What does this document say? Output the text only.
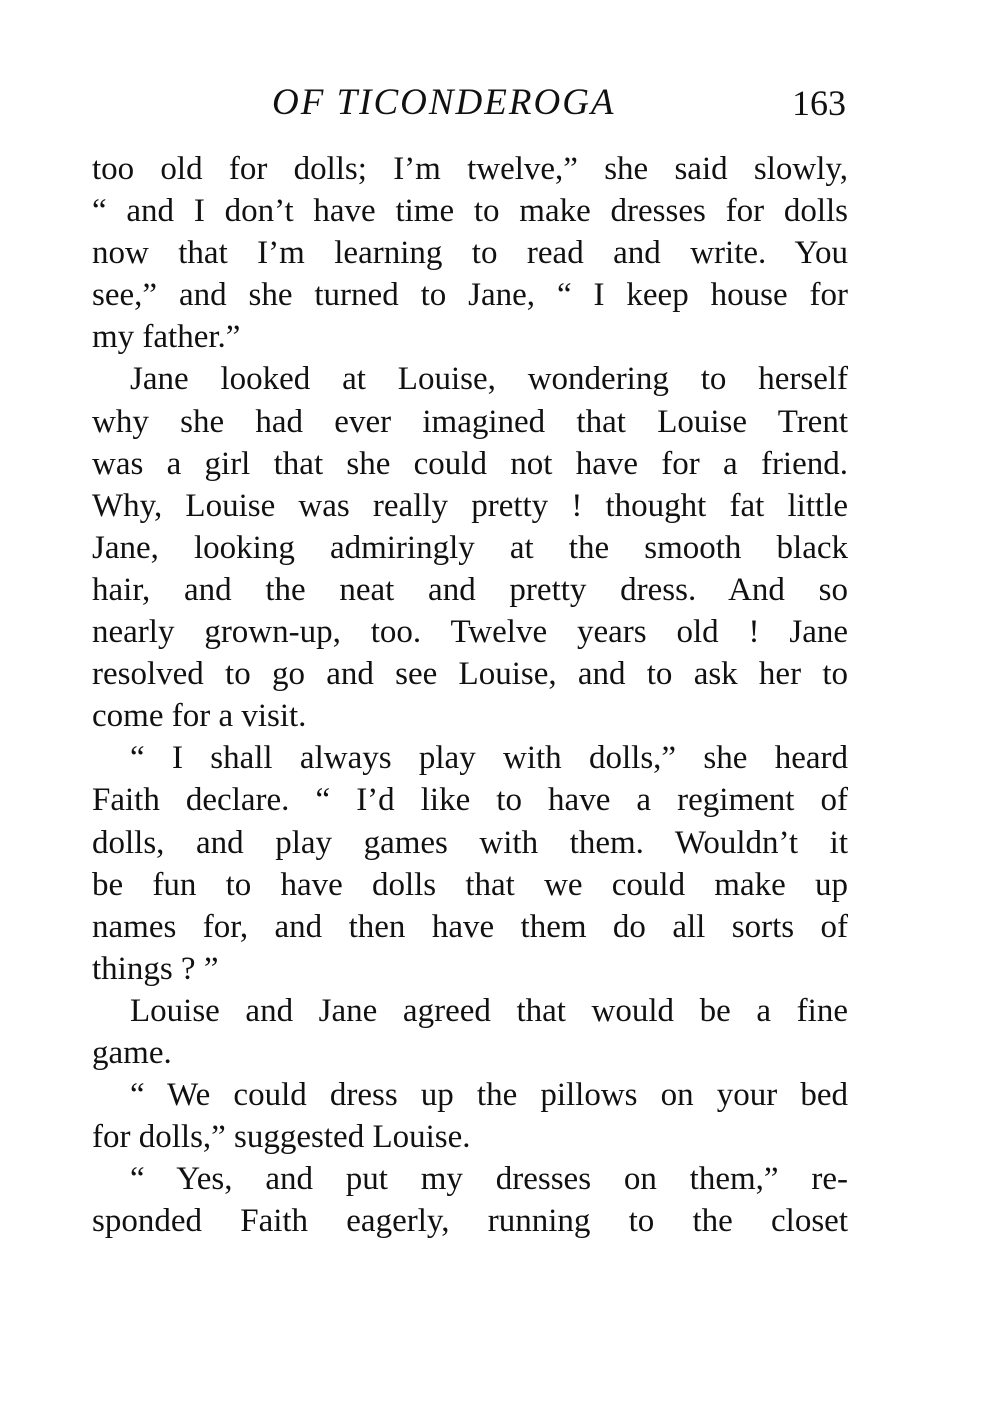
OF TICONDEROGA	163
too old for dolls; I’m twelve,” she said slowly,
“ and I don’t have time to make dresses for dolls
now that I’m learning to read and write. You
see,” and she turned to Jane, “ I keep house for
my father.”
Jane looked at Louise, wondering to herself
why she had ever imagined that Louise Trent
was a girl that she could not have for a friend.
Why, Louise was really pretty ! thought fat little
Jane, looking admiringly at the smooth black
hair, and the neat and pretty dress. And so
nearly grown-up, too. Twelve years old ! Jane
resolved to go and see Louise, and to ask her to
come for a visit.
“ I shall always play with dolls,” she heard
Faith declare. “ I’d like to have a regiment of
dolls, and play games with them. Wouldn’t it
be fun to have dolls that we could make up
names for, and then have them do all sorts of
things ? ”
Louise and Jane agreed that would be a fine
game.
“ We could dress up the pillows on your bed
for dolls,” suggested Louise.
“ Yes, and put my dresses on them,” re-
sponded Faith eagerly, running to the closet
